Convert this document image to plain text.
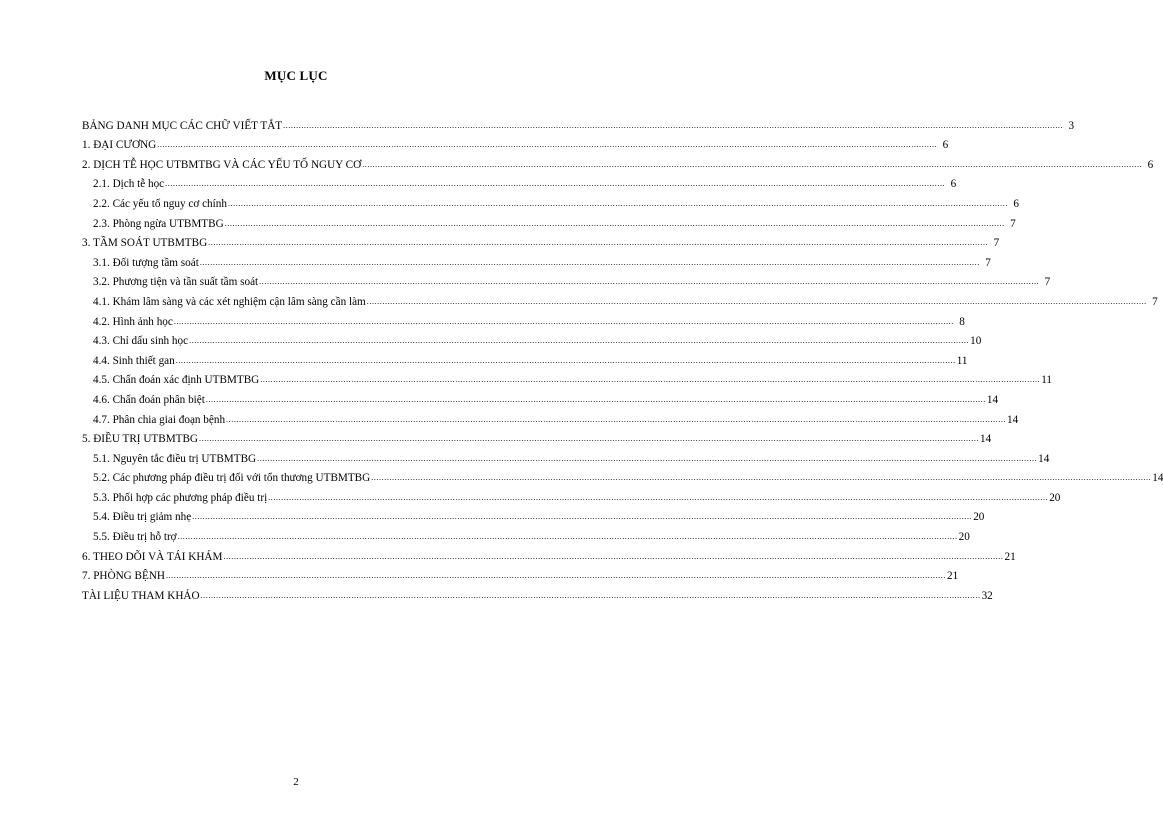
MỤC LỤC
BẢNG DANH MỤC CÁC CHỮ VIẾT TẮT ............................................................................................................................................................................................................................................................................................................ 3
1. ĐẠI CƯƠNG ............................................................................................................................................................................................................................................................................................................ 6
2. DỊCH TỄ HỌC UTBMTBG VÀ CÁC YẾU TỐ NGUY CƠ ............................................................................................................................................................................................................................................................................................................ 6
2.1. Dịch tễ học ............................................................................................................................................................................................................................................................................................................ 6
2.2. Các yếu tố nguy cơ chính ............................................................................................................................................................................................................................................................................................................ 6
2.3. Phòng ngừa UTBMTBG ............................................................................................................................................................................................................................................................................................................ 7
3. TẦM SOÁT UTBMTBG ............................................................................................................................................................................................................................................................................................................ 7
3.1. Đối tượng tầm soát ............................................................................................................................................................................................................................................................................................................ 7
3.2. Phương tiện và tần suất tầm soát ............................................................................................................................................................................................................................................................................................................ 7
4.1. Khám lâm sàng và các xét nghiệm cận lâm sàng cần làm ............................................................................................................................................................................................................................................................................................................ 7
4.2. Hình ảnh học ............................................................................................................................................................................................................................................................................................................ 8
4.3. Chỉ dấu sinh học ............................................................................................................................................................................................................................................................................................................ 10
4.4. Sinh thiết gan ............................................................................................................................................................................................................................................................................................................ 11
4.5. Chẩn đoán xác định UTBMTBG ............................................................................................................................................................................................................................................................................................................ 11
4.6. Chẩn đoán phân biệt ............................................................................................................................................................................................................................................................................................................ 14
4.7. Phân chia giai đoạn bệnh ............................................................................................................................................................................................................................................................................................................ 14
5. ĐIỀU TRỊ UTBMTBG ............................................................................................................................................................................................................................................................................................................ 14
5.1. Nguyên tắc điều trị UTBMTBG ............................................................................................................................................................................................................................................................................................................ 14
5.2. Các phương pháp điều trị đối với tổn thương UTBMTBG ............................................................................................................................................................................................................................................................................................................ 14
5.3. Phối hợp các phương pháp điều trị ............................................................................................................................................................................................................................................................................................................ 20
5.4. Điều trị giảm nhẹ ............................................................................................................................................................................................................................................................................................................ 20
5.5. Điều trị hỗ trợ ............................................................................................................................................................................................................................................................................................................ 20
6. THEO DÕI VÀ TÁI KHÁM ............................................................................................................................................................................................................................................................................................................ 21
7. PHÒNG BỆNH ............................................................................................................................................................................................................................................................................................................ 21
TÀI LIỆU THAM KHẢO ............................................................................................................................................................................................................................................................................................................ 32
2
